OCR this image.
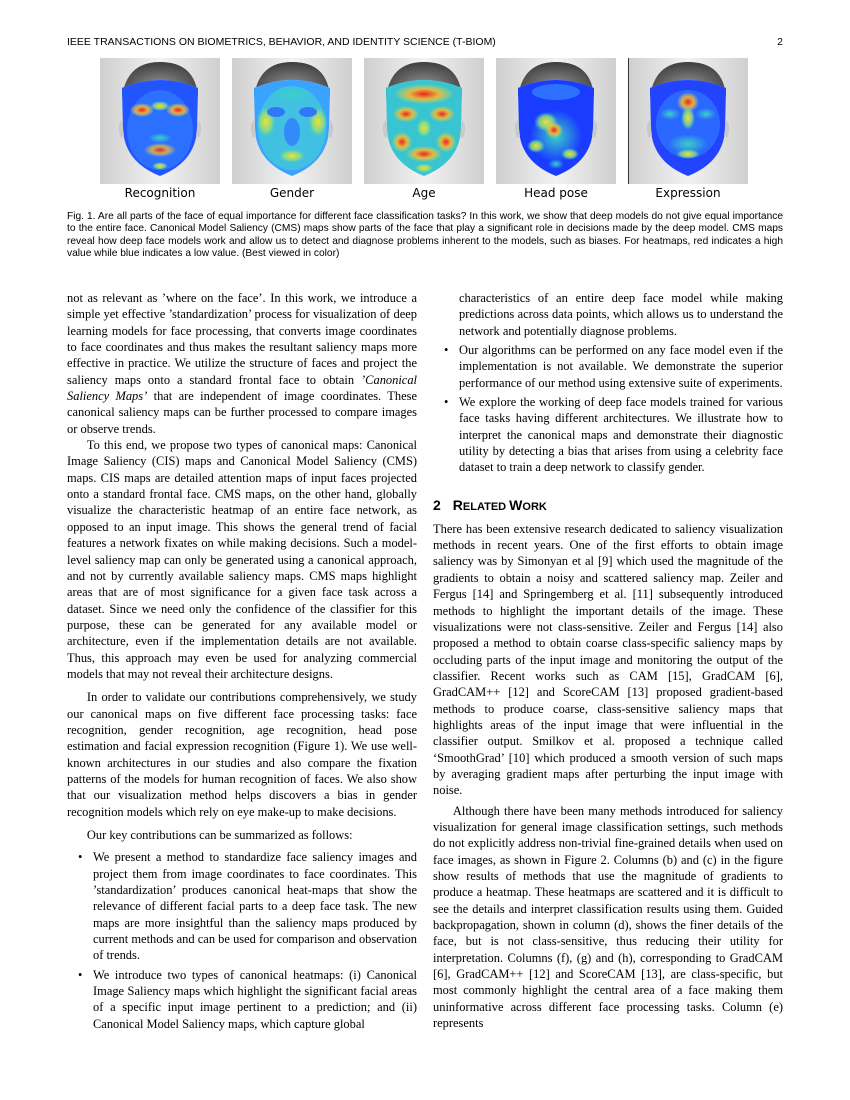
IEEE TRANSACTIONS ON BIOMETRICS, BEHAVIOR, AND IDENTITY SCIENCE (T-BIOM)	2
Recognition	Gender	Age	Head pose	Expression
Fig. 1. Are all parts of the face of equal importance for different face classification tasks? In this work, we show that deep models do not give equal importance to the entire face. Canonical Model Saliency (CMS) maps show parts of the face that play a significant role in decisions made by the deep model. CMS maps reveal how deep face models work and allow us to detect and diagnose problems inherent to the models, such as biases. For heatmaps, red indicates a high value while blue indicates a low value. (Best viewed in color)

not as relevant as ’where on the face’. In this work, we introduce a simple yet effective ’standardization’ process for visualization of deep learning models for face processing, that converts image coordinates to face coordinates and thus makes the resultant saliency maps more effective in practice. We utilize the structure of faces and project the saliency maps onto a standard frontal face to obtain ’Canonical Saliency Maps’ that are independent of image coordinates. These canonical saliency maps can be further processed to compare images or observe trends.

To this end, we propose two types of canonical maps: Canonical Image Saliency (CIS) maps and Canonical Model Saliency (CMS) maps. CIS maps are detailed attention maps of input faces projected onto a standard frontal face. CMS maps, on the other hand, globally visualize the characteristic heatmap of an entire face network, as opposed to an input image. This shows the general trend of facial features a network fixates on while making decisions. Such a model-level saliency map can only be generated using a canonical approach, and not by currently available saliency maps. CMS maps highlight areas that are of most significance for a given face task across a dataset. Since we need only the confidence of the classifier for this purpose, these can be generated for any available model or architecture, even if the implementation details are not available. Thus, this approach may even be used for analyzing commercial models that may not reveal their architecture designs.

In order to validate our contributions comprehensively, we study our canonical maps on five different face processing tasks: face recognition, gender recognition, age recognition, head pose estimation and facial expression recognition (Figure 1). We use well-known architectures in our studies and also compare the fixation patterns of the models for human recognition of faces. We also show that our visualization method helps discovers a bias in gender recognition models which rely on eye make-up to make decisions.

Our key contributions can be summarized as follows:

• We present a method to standardize face saliency images and project them from image coordinates to face coordinates. This ’standardization’ produces canonical heat-maps that show the relevance of different facial parts to a deep face task. The new maps are more insightful than the saliency maps produced by current methods and can be used for comparison and observation of trends.
• We introduce two types of canonical heatmaps: (i) Canonical Image Saliency maps which highlight the significant facial areas of a specific input image pertinent to a prediction; and (ii) Canonical Model Saliency maps, which capture global

characteristics of an entire deep face model while making predictions across data points, which allows us to understand the network and potentially diagnose problems.

• Our algorithms can be performed on any face model even if the implementation is not available. We demonstrate the superior performance of our method using extensive suite of experiments.
• We explore the working of deep face models trained for various face tasks having different architectures. We illustrate how to interpret the canonical maps and demonstrate their diagnostic utility by detecting a bias that arises from using a celebrity face dataset to train a deep network to classify gender.
2 RELATED WORK

There has been extensive research dedicated to saliency visualization methods in recent years. One of the first efforts to obtain image saliency was by Simonyan et al [9] which used the magnitude of the gradients to obtain a noisy and scattered saliency map. Zeiler and Fergus [14] and Springemberg et al. [11] subsequently introduced methods to highlight the important details of the image. These visualizations were not class-sensitive. Zeiler and Fergus [14] also proposed a method to obtain coarse class-specific saliency maps by occluding parts of the input image and monitoring the output of the classifier. Recent works such as CAM [15], GradCAM [6], GradCAM++ [12] and ScoreCAM [13] proposed gradient-based methods to produce coarse, class-sensitive saliency maps that highlights areas of the input image that were influential in the classifier output. Smilkov et al. proposed a technique called ‘SmoothGrad’ [10] which produced a smooth version of such maps by averaging gradient maps after perturbing the input image with noise.

Although there have been many methods introduced for saliency visualization for general image classification settings, such methods do not explicitly address non-trivial fine-grained details when used on face images, as shown in Figure 2. Columns (b) and (c) in the figure show results of methods that use the magnitude of gradients to produce a heatmap. These heatmaps are scattered and it is difficult to see the details and interpret classification results using them. Guided backpropagation, shown in column (d), shows the finer details of the face, but is not class-sensitive, thus reducing their utility for interpretation. Columns (f), (g) and (h), corresponding to GradCAM [6], GradCAM++ [12] and ScoreCAM [13], are class-specific, but most commonly highlight the central area of a face making them uninformative across different face processing tasks. Column (e) represents
